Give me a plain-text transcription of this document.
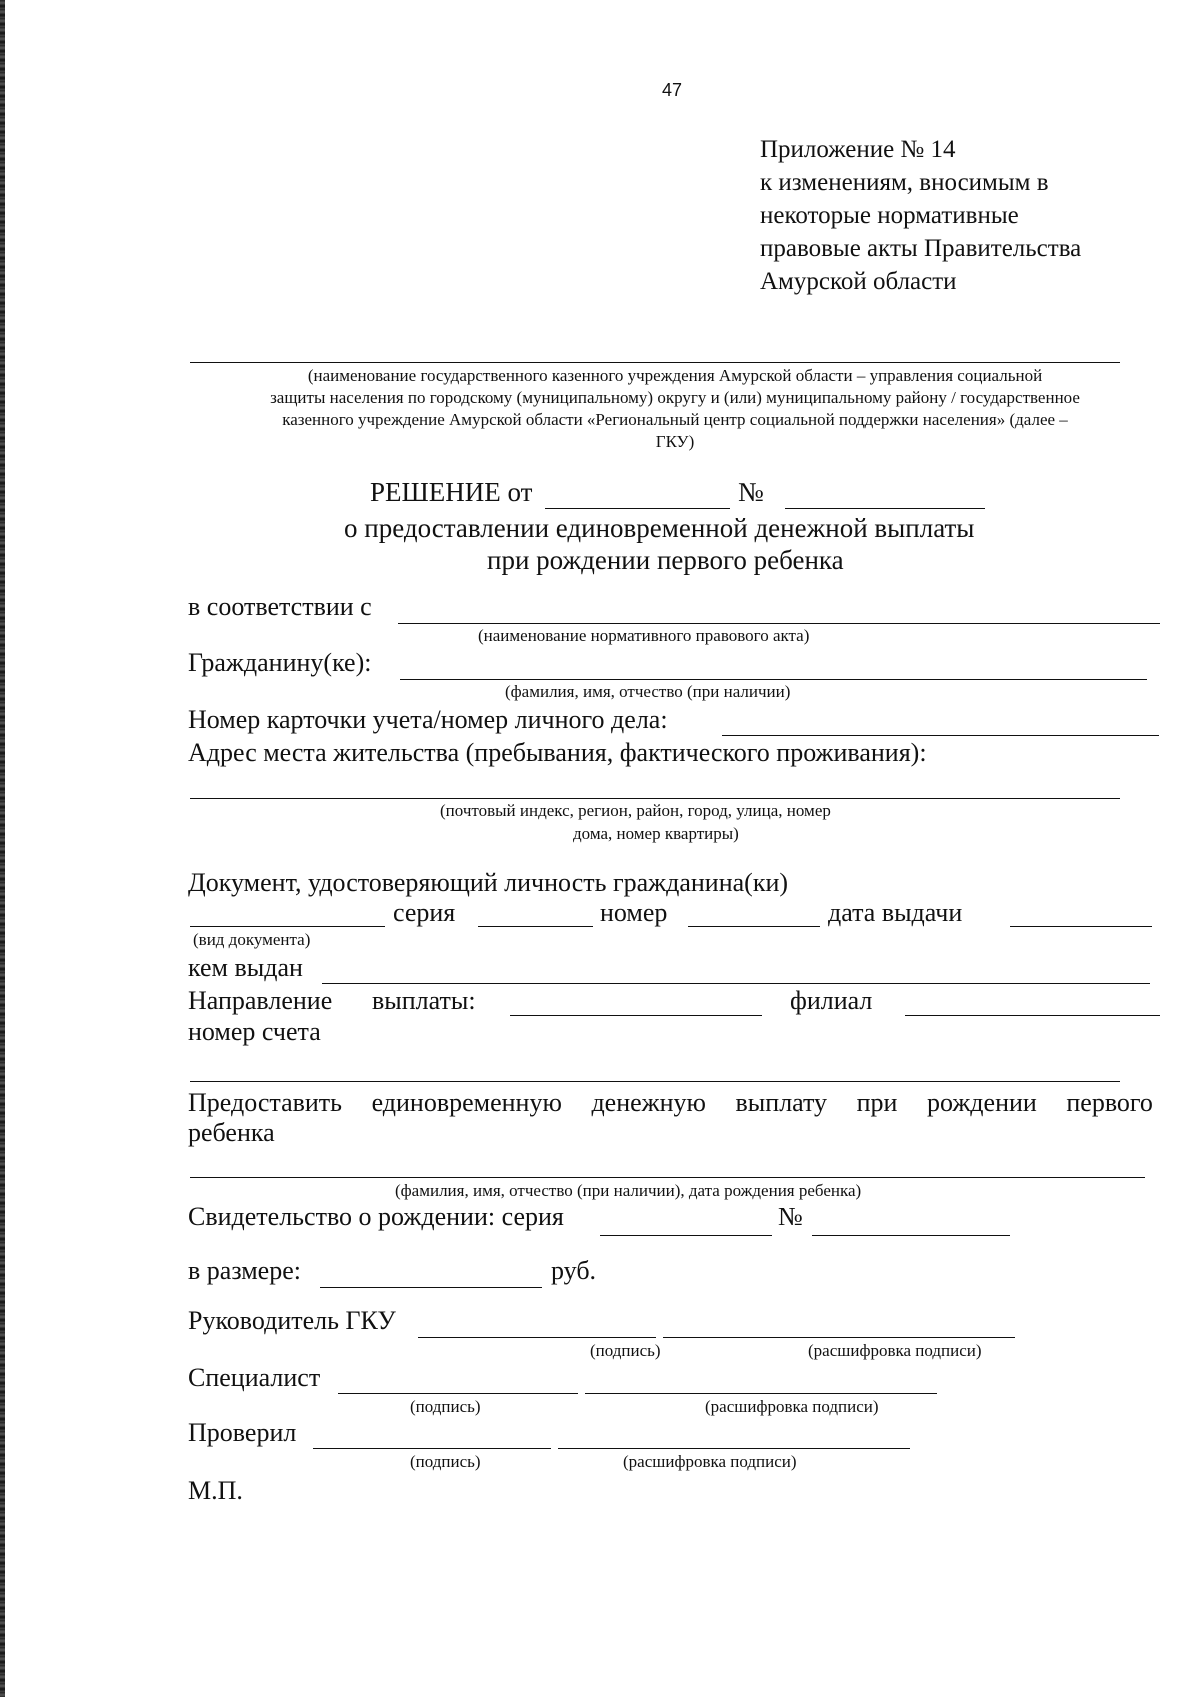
47
Приложение № 14
к изменениям, вносимым в
некоторые нормативные
правовые акты Правительства
Амурской области
(наименование государственного казенного учреждения Амурской области – управления социальной
защиты населения по городскому (муниципальному) округу и (или) муниципальному району / государственное
казенного учреждение Амурской области «Региональный центр социальной поддержки населения» (далее –
ГКУ)
РЕШЕНИЕ от	№
о предоставлении единовременной денежной выплаты
при рождении первого ребенка
в соответствии с
(наименование нормативного правового акта)
Гражданину(ке):
(фамилия, имя, отчество (при наличии)
Номер карточки учета/номер личного дела:
Адрес места жительства (пребывания, фактического проживания):
(почтовый индекс, регион, район, город, улица, номер
дома, номер квартиры)
Документ, удостоверяющий личность гражданина(ки)
серия	номер	дата выдачи
(вид документа)
кем выдан
Направление выплаты:	филиал
номер счета
Предоставить единовременную денежную выплату при рождении первого
ребенка
(фамилия, имя, отчество (при наличии), дата рождения ребенка)
Свидетельство о рождении: серия	№
в размере:	руб.
Руководитель ГКУ
(подпись)	(расшифровка подписи)
Специалист
(подпись)	(расшифровка подписи)
Проверил
(подпись)	(расшифровка подписи)
М.П.
